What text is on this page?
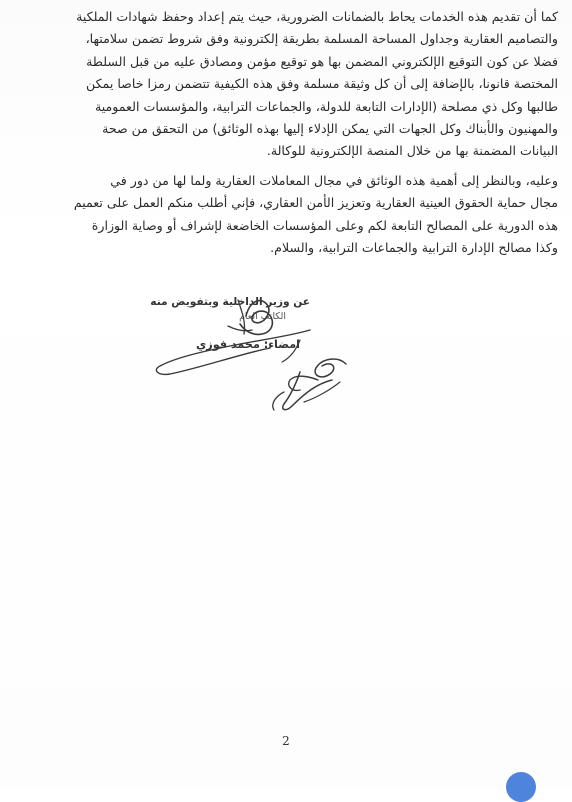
كما أن تقديم هذه الخدمات يحاط بالضمانات الضرورية، حيث يتم إعداد وحفظ شهادات الملكية
والتصاميم العقارية وجداول المساحة المسلمة بطريقة إلكترونية وفق شروط تضمن سلامتها،
فضلا عن كون التوقيع الإلكتروني المضمن بها هو توقيع مؤمن ومصادق عليه من قبل السلطة
المختصة قانونا، بالإضافة إلى أن كل وثيقة مسلمة وفق هذه الكيفية تتضمن رمزا خاصا يمكن
طالبها وكل ذي مصلحة (الإدارات التابعة للدولة، والجماعات الترابية، والمؤسسات العمومية
والمهنيون والأبناك وكل الجهات التي يمكن الإدلاء إليها بهذه الوثائق) من التحقق من صحة
البيانات المضمنة بها من خلال المنصة الإلكترونية للوكالة.

وعليه، وبالنظر إلى أهمية هذه الوثائق في مجال المعاملات العقارية ولما لها من دور في
مجال حماية الحقوق العينية العقارية وتعزيز الأمن العقاري، فإني أطلب منكم العمل على تعميم
هذه الدورية على المصالح التابعة لكم وعلى المؤسسات الخاضعة لإشراف أو وصاية الوزارة
وكذا مصالح الإدارة الترابية والجماعات الترابية، والسلام.

عن وزير الداخلية وبتفويض منه
الكاتب العام
امضاء: محمد فوزي
2
